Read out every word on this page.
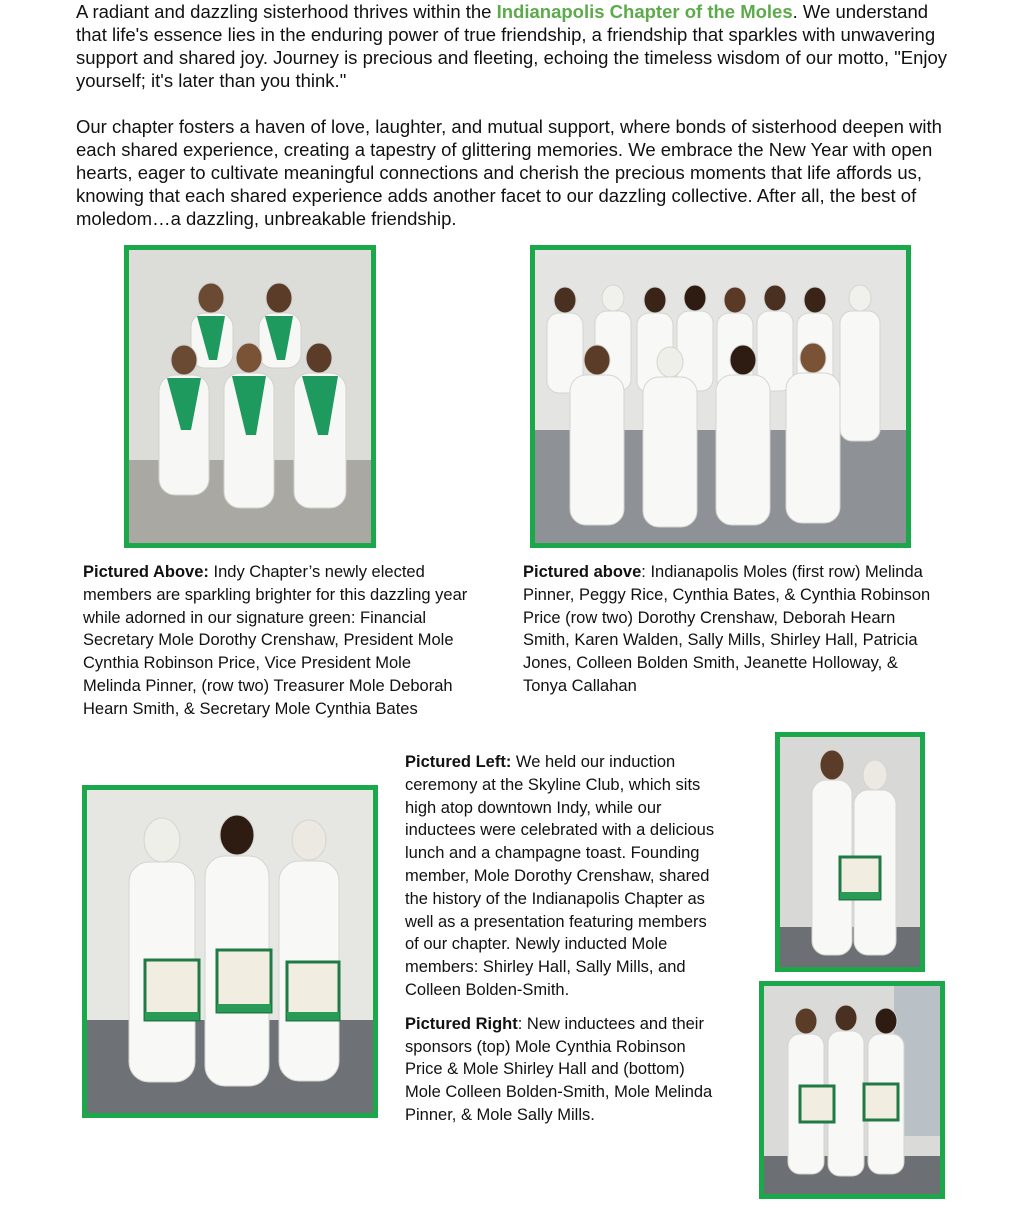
A radiant and dazzling sisterhood thrives within the Indianapolis Chapter of the Moles. We understand that life's essence lies in the enduring power of true friendship, a friendship that sparkles with unwavering support and shared joy. Journey is precious and fleeting, echoing the timeless wisdom of our motto, "Enjoy yourself; it's later than you think."

Our chapter fosters a haven of love, laughter, and mutual support, where bonds of sisterhood deepen with each shared experience, creating a tapestry of glittering memories. We embrace the New Year with open hearts, eager to cultivate meaningful connections and cherish the precious moments that life affords us, knowing that each shared experience adds another facet to our dazzling collective. After all, the best of moledom…a dazzling, unbreakable friendship.

Pictured Above: Indy Chapter’s newly elected members are sparkling brighter for this dazzling year while adorned in our signature green: Financial Secretary Mole Dorothy Crenshaw, President Mole Cynthia Robinson Price, Vice President Mole Melinda Pinner, (row two) Treasurer Mole Deborah Hearn Smith, & Secretary Mole Cynthia Bates

Pictured above: Indianapolis Moles (first row) Melinda Pinner, Peggy Rice, Cynthia Bates, & Cynthia Robinson Price (row two) Dorothy Crenshaw, Deborah Hearn Smith, Karen Walden, Sally Mills, Shirley Hall, Patricia Jones, Colleen Bolden Smith, Jeanette Holloway, & Tonya Callahan

Pictured Left: We held our induction ceremony at the Skyline Club, which sits high atop downtown Indy, while our inductees were celebrated with a delicious lunch and a champagne toast. Founding member, Mole Dorothy Crenshaw, shared the history of the Indianapolis Chapter as well as a presentation featuring members of our chapter. Newly inducted Mole members: Shirley Hall, Sally Mills, and Colleen Bolden-Smith.

Pictured Right: New inductees and their sponsors (top) Mole Cynthia Robinson Price & Mole Shirley Hall and (bottom) Mole Colleen Bolden-Smith, Mole Melinda Pinner, & Mole Sally Mills.
